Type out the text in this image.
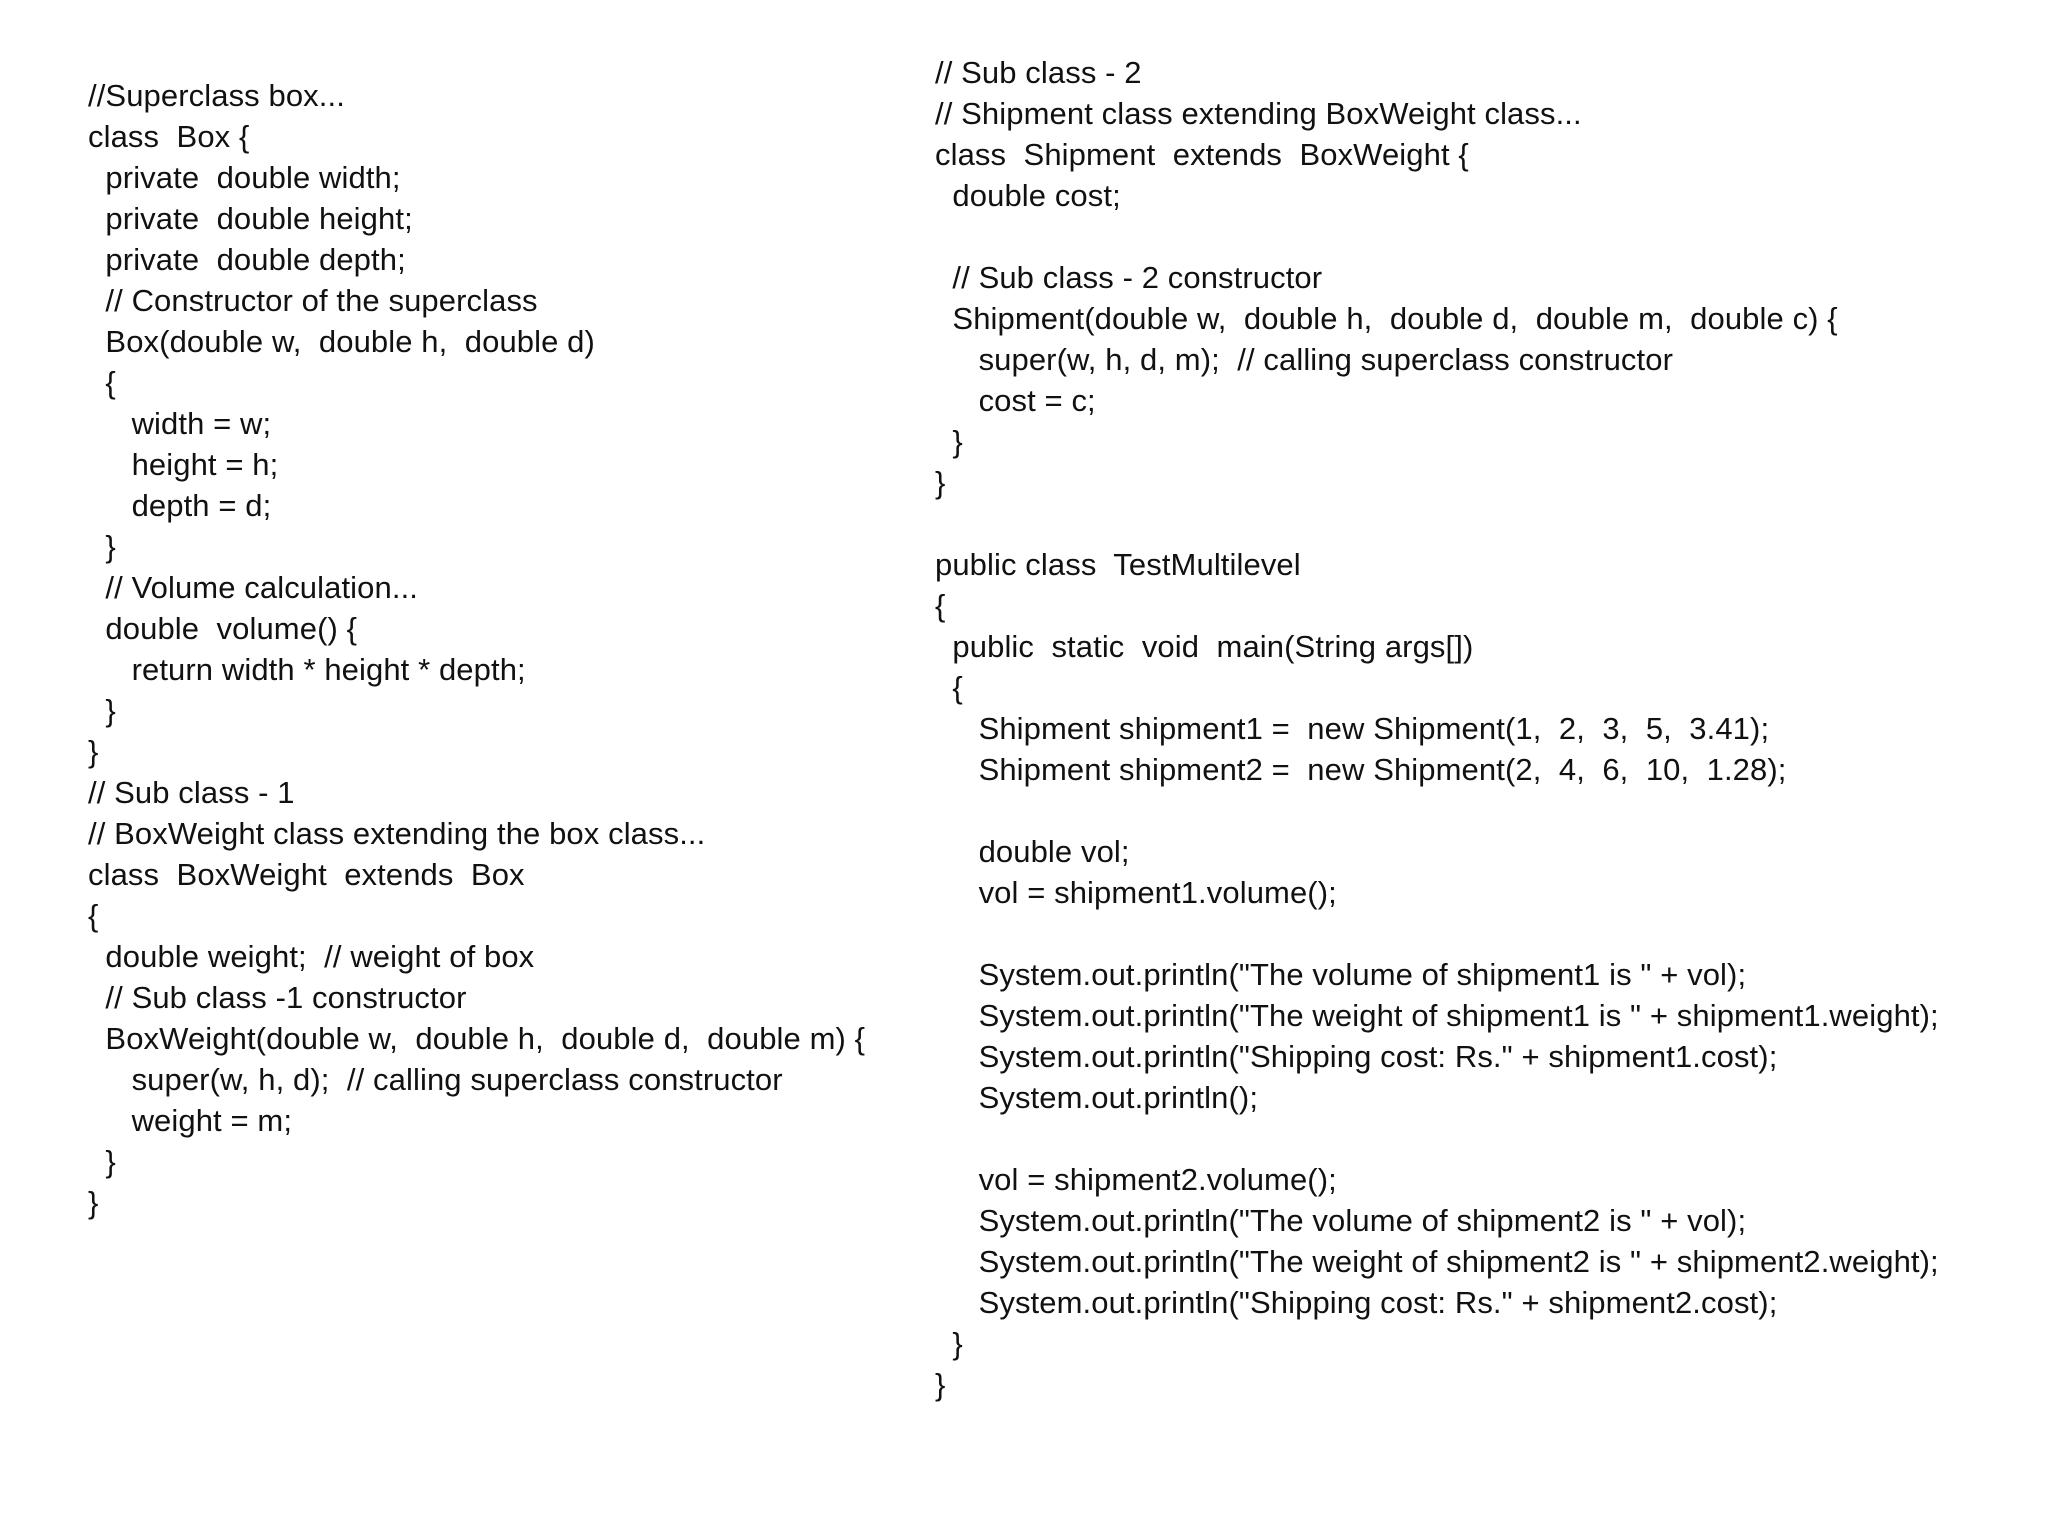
//Superclass box...
class  Box {
private  double width;
private  double height;
private  double depth;
// Constructor of the superclass
Box(double w,  double h,  double d)
{
width = w;
height = h;
depth = d;
}
// Volume calculation...
double  volume() {
return width * height * depth;
}
}
// Sub class - 1
// BoxWeight class extending the box class...
class  BoxWeight  extends  Box
{
double weight;  // weight of box
// Sub class -1 constructor
BoxWeight(double w,  double h,  double d,  double m) {
super(w, h, d);  // calling superclass constructor
weight = m;
}
}
// Sub class - 2
// Shipment class extending BoxWeight class...
class  Shipment  extends  BoxWeight {
double cost;
// Sub class - 2 constructor
Shipment(double w,  double h,  double d,  double m,  double c) {
super(w, h, d, m);  // calling superclass constructor
cost = c;
}
}
public class  TestMultilevel
{
public  static  void  main(String args[])
{
Shipment shipment1 =  new Shipment(1,  2,  3,  5,  3.41);
Shipment shipment2 =  new Shipment(2,  4,  6,  10,  1.28);
double vol;
vol = shipment1.volume();
System.out.println("The volume of shipment1 is " + vol);
System.out.println("The weight of shipment1 is " + shipment1.weight);
System.out.println("Shipping cost: Rs." + shipment1.cost);
System.out.println();
vol = shipment2.volume();
System.out.println("The volume of shipment2 is " + vol);
System.out.println("The weight of shipment2 is " + shipment2.weight);
System.out.println("Shipping cost: Rs." + shipment2.cost);
}
}
